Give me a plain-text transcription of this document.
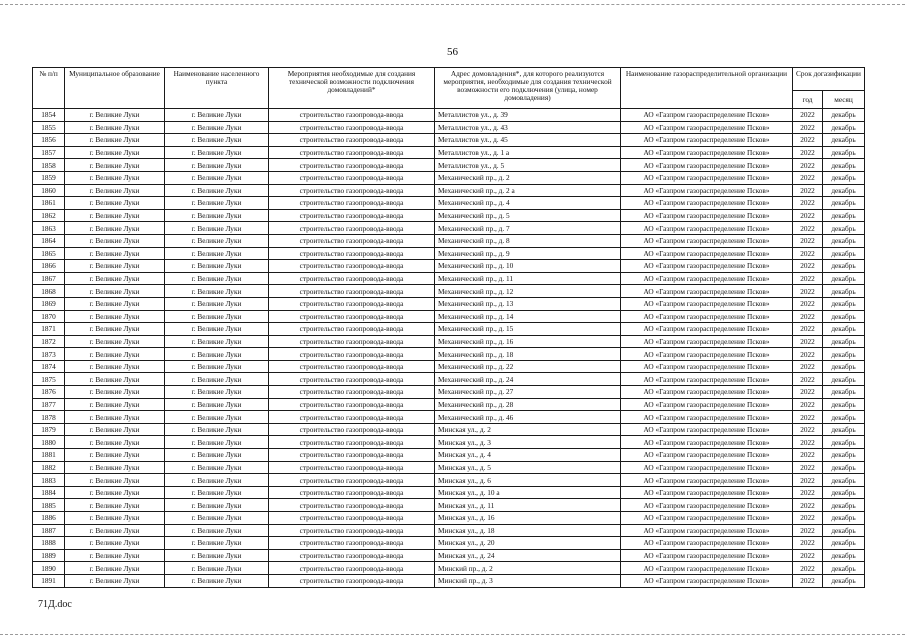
56
№ п/п	Муниципальное образование	Наименование населенного пункта	Мероприятия необходимые для создания технической возможности подключения домовладений*	Адрес домовладения*, для которого реализуются мероприятия, необходимые для создания технической возможности его подключения (улица, номер домовладения)	Наименование газораспределительной организации	Срок догазификации	
						год	месяц
1854	г. Великие Луки	г. Великие Луки	строительство газопровода-ввода	Металлистов ул., д. 39	АО «Газпром газораспределение Псков»	2022	декабрь
1855	г. Великие Луки	г. Великие Луки	строительство газопровода-ввода	Металлистов ул., д. 43	АО «Газпром газораспределение Псков»	2022	декабрь
1856	г. Великие Луки	г. Великие Луки	строительство газопровода-ввода	Металлистов ул., д. 45	АО «Газпром газораспределение Псков»	2022	декабрь
1857	г. Великие Луки	г. Великие Луки	строительство газопровода-ввода	Металлистов ул., д. 1 а	АО «Газпром газораспределение Псков»	2022	декабрь
1858	г. Великие Луки	г. Великие Луки	строительство газопровода-ввода	Металлистов ул., д. 5	АО «Газпром газораспределение Псков»	2022	декабрь
1859	г. Великие Луки	г. Великие Луки	строительство газопровода-ввода	Механический пр., д. 2	АО «Газпром газораспределение Псков»	2022	декабрь
1860	г. Великие Луки	г. Великие Луки	строительство газопровода-ввода	Механический пр., д. 2 а	АО «Газпром газораспределение Псков»	2022	декабрь
1861	г. Великие Луки	г. Великие Луки	строительство газопровода-ввода	Механический пр., д. 4	АО «Газпром газораспределение Псков»	2022	декабрь
1862	г. Великие Луки	г. Великие Луки	строительство газопровода-ввода	Механический пр., д. 5	АО «Газпром газораспределение Псков»	2022	декабрь
1863	г. Великие Луки	г. Великие Луки	строительство газопровода-ввода	Механический пр., д. 7	АО «Газпром газораспределение Псков»	2022	декабрь
1864	г. Великие Луки	г. Великие Луки	строительство газопровода-ввода	Механический пр., д. 8	АО «Газпром газораспределение Псков»	2022	декабрь
1865	г. Великие Луки	г. Великие Луки	строительство газопровода-ввода	Механический пр., д. 9	АО «Газпром газораспределение Псков»	2022	декабрь
1866	г. Великие Луки	г. Великие Луки	строительство газопровода-ввода	Механический пр., д. 10	АО «Газпром газораспределение Псков»	2022	декабрь
1867	г. Великие Луки	г. Великие Луки	строительство газопровода-ввода	Механический пр., д. 11	АО «Газпром газораспределение Псков»	2022	декабрь
1868	г. Великие Луки	г. Великие Луки	строительство газопровода-ввода	Механический пр., д. 12	АО «Газпром газораспределение Псков»	2022	декабрь
1869	г. Великие Луки	г. Великие Луки	строительство газопровода-ввода	Механический пр., д. 13	АО «Газпром газораспределение Псков»	2022	декабрь
1870	г. Великие Луки	г. Великие Луки	строительство газопровода-ввода	Механический пр., д. 14	АО «Газпром газораспределение Псков»	2022	декабрь
1871	г. Великие Луки	г. Великие Луки	строительство газопровода-ввода	Механический пр., д. 15	АО «Газпром газораспределение Псков»	2022	декабрь
1872	г. Великие Луки	г. Великие Луки	строительство газопровода-ввода	Механический пр., д. 16	АО «Газпром газораспределение Псков»	2022	декабрь
1873	г. Великие Луки	г. Великие Луки	строительство газопровода-ввода	Механический пр., д. 18	АО «Газпром газораспределение Псков»	2022	декабрь
1874	г. Великие Луки	г. Великие Луки	строительство газопровода-ввода	Механический пр., д. 22	АО «Газпром газораспределение Псков»	2022	декабрь
1875	г. Великие Луки	г. Великие Луки	строительство газопровода-ввода	Механический пр., д. 24	АО «Газпром газораспределение Псков»	2022	декабрь
1876	г. Великие Луки	г. Великие Луки	строительство газопровода-ввода	Механический пр., д. 27	АО «Газпром газораспределение Псков»	2022	декабрь
1877	г. Великие Луки	г. Великие Луки	строительство газопровода-ввода	Механический пр., д. 28	АО «Газпром газораспределение Псков»	2022	декабрь
1878	г. Великие Луки	г. Великие Луки	строительство газопровода-ввода	Механический пр., д. 46	АО «Газпром газораспределение Псков»	2022	декабрь
1879	г. Великие Луки	г. Великие Луки	строительство газопровода-ввода	Минская ул., д. 2	АО «Газпром газораспределение Псков»	2022	декабрь
1880	г. Великие Луки	г. Великие Луки	строительство газопровода-ввода	Минская ул., д. 3	АО «Газпром газораспределение Псков»	2022	декабрь
1881	г. Великие Луки	г. Великие Луки	строительство газопровода-ввода	Минская ул., д. 4	АО «Газпром газораспределение Псков»	2022	декабрь
1882	г. Великие Луки	г. Великие Луки	строительство газопровода-ввода	Минская ул., д. 5	АО «Газпром газораспределение Псков»	2022	декабрь
1883	г. Великие Луки	г. Великие Луки	строительство газопровода-ввода	Минская ул., д. 6	АО «Газпром газораспределение Псков»	2022	декабрь
1884	г. Великие Луки	г. Великие Луки	строительство газопровода-ввода	Минская ул., д. 10 а	АО «Газпром газораспределение Псков»	2022	декабрь
1885	г. Великие Луки	г. Великие Луки	строительство газопровода-ввода	Минская ул., д. 11	АО «Газпром газораспределение Псков»	2022	декабрь
1886	г. Великие Луки	г. Великие Луки	строительство газопровода-ввода	Минская ул., д. 16	АО «Газпром газораспределение Псков»	2022	декабрь
1887	г. Великие Луки	г. Великие Луки	строительство газопровода-ввода	Минская ул., д. 18	АО «Газпром газораспределение Псков»	2022	декабрь
1888	г. Великие Луки	г. Великие Луки	строительство газопровода-ввода	Минская ул., д. 20	АО «Газпром газораспределение Псков»	2022	декабрь
1889	г. Великие Луки	г. Великие Луки	строительство газопровода-ввода	Минская ул., д. 24	АО «Газпром газораспределение Псков»	2022	декабрь
1890	г. Великие Луки	г. Великие Луки	строительство газопровода-ввода	Минский пр., д. 2	АО «Газпром газораспределение Псков»	2022	декабрь
1891	г. Великие Луки	г. Великие Луки	строительство газопровода-ввода	Минский пр., д. 3	АО «Газпром газораспределение Псков»	2022	декабрь
71Д.doc
